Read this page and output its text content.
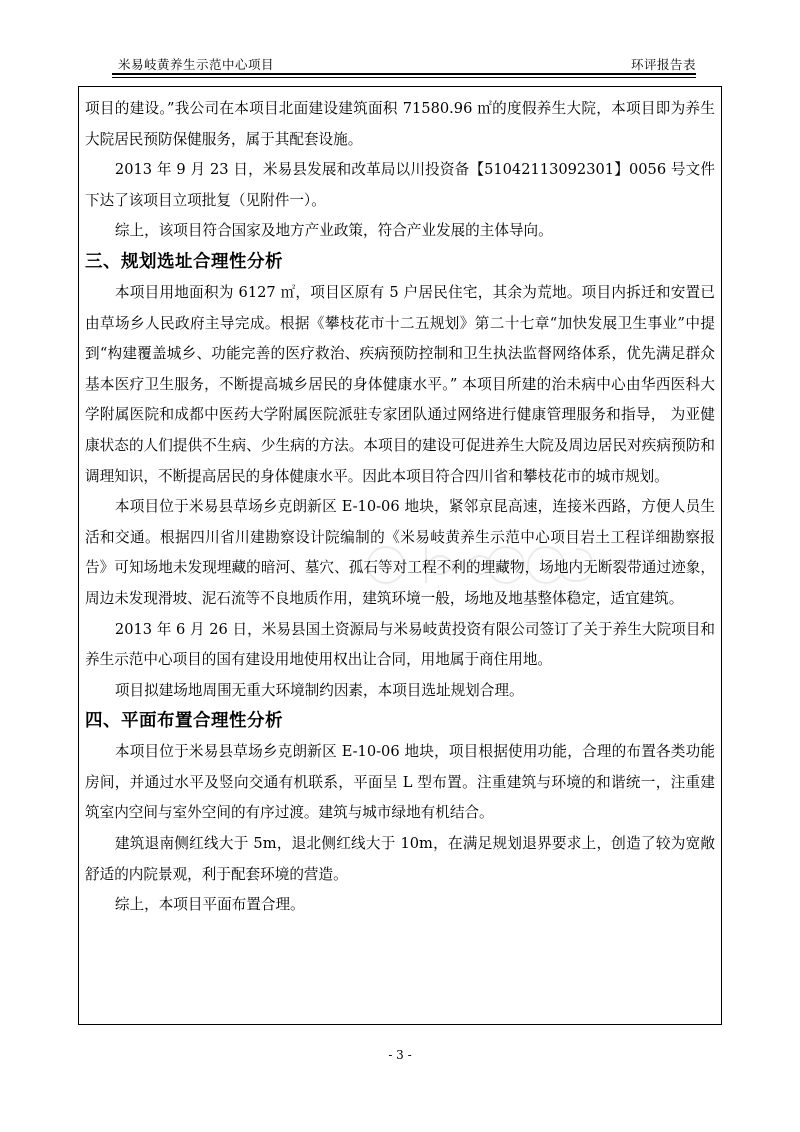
米易岐黄养生示范中心项目	环评报告表

项目的建设。”我公司在本项目北面建设建筑面积 71580.96 ㎡的度假养生大院，本项目即为养生大院居民预防保健服务，属于其配套设施。

2013 年 9 月 23 日，米易县发展和改革局以川投资备【51042113092301】0056 号文件下达了该项目立项批复（见附件一）。

综上，该项目符合国家及地方产业政策，符合产业发展的主体导向。

三、规划选址合理性分析

本项目用地面积为 6127 ㎡，项目区原有 5 户居民住宅，其余为荒地。项目内拆迁和安置已由草场乡人民政府主导完成。根据《攀枝花市十二五规划》第二十七章“加快发展卫生事业”中提到“构建覆盖城乡、功能完善的医疗救治、疾病预防控制和卫生执法监督网络体系，优先满足群众基本医疗卫生服务，不断提高城乡居民的身体健康水平。” 本项目所建的治未病中心由华西医科大学附属医院和成都中医药大学附属医院派驻专家团队通过网络进行健康管理服务和指导， 为亚健康状态的人们提供不生病、少生病的方法。本项目的建设可促进养生大院及周边居民对疾病预防和调理知识，不断提高居民的身体健康水平。因此本项目符合四川省和攀枝花市的城市规划。

本项目位于米易县草场乡克朗新区 E-10-06 地块，紧邻京昆高速，连接米西路，方便人员生活和交通。根据四川省川建勘察设计院编制的《米易岐黄养生示范中心项目岩土工程详细勘察报告》可知场地未发现埋藏的暗河、墓穴、孤石等对工程不利的埋藏物，场地内无断裂带通过迹象，周边未发现滑坡、泥石流等不良地质作用，建筑环境一般，场地及地基整体稳定，适宜建筑。

2013 年 6 月 26 日，米易县国土资源局与米易岐黄投资有限公司签订了关于养生大院项目和养生示范中心项目的国有建设用地使用权出让合同，用地属于商住用地。

项目拟建场地周围无重大环境制约因素，本项目选址规划合理。

四、平面布置合理性分析

本项目位于米易县草场乡克朗新区 E-10-06 地块，项目根据使用功能，合理的布置各类功能房间，并通过水平及竖向交通有机联系，平面呈 L 型布置。注重建筑与环境的和谐统一，注重建筑室内空间与室外空间的有序过渡。建筑与城市绿地有机结合。

建筑退南侧红线大于 5m，退北侧红线大于 10m，在满足规划退界要求上，创造了较为宽敞舒适的内院景观，利于配套环境的营造。

综上，本项目平面布置合理。

- 3 -
